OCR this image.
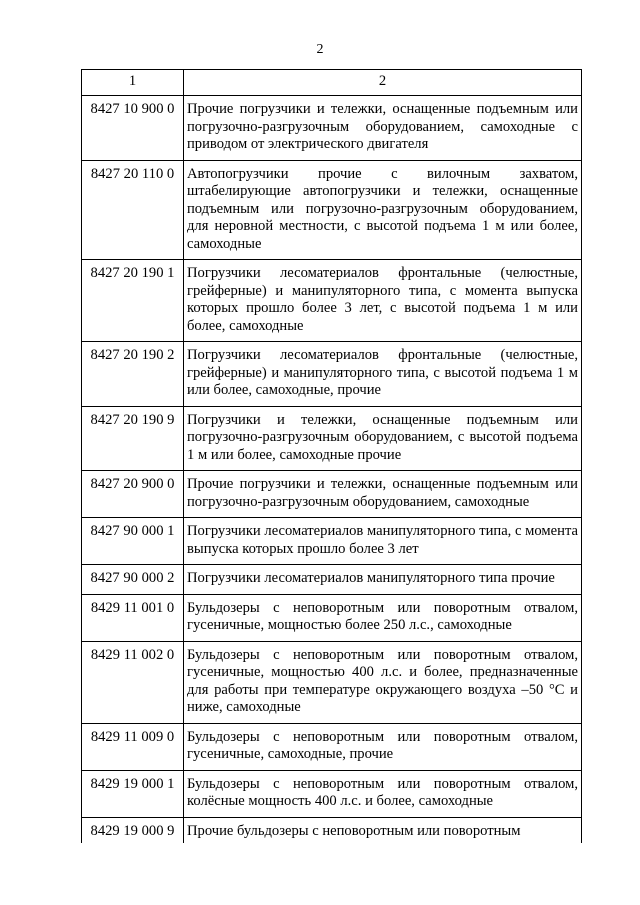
2
1	2
8427 10 900 0	Прочие погрузчики и тележки, оснащенные подъемным или погрузочно-разгрузочным оборудованием, самоходные с приводом от электрического двигателя
8427 20 110 0	Автопогрузчики прочие с вилочным захватом, штабелирующие автопогрузчики и тележки, оснащенные подъемным или погрузочно-разгрузочным оборудованием, для неровной местности, с высотой подъема 1 м или более, самоходные
8427 20 190 1	Погрузчики лесоматериалов фронтальные (челюстные, грейферные) и манипуляторного типа, с момента выпуска которых прошло более 3 лет, с высотой подъема 1 м или более, самоходные
8427 20 190 2	Погрузчики лесоматериалов фронтальные (челюстные, грейферные) и манипуляторного типа, с высотой подъема 1 м или более, самоходные, прочие
8427 20 190 9	Погрузчики и тележки, оснащенные подъемным или погрузочно-разгрузочным оборудованием, с высотой подъема 1 м или более, самоходные прочие
8427 20 900 0	Прочие погрузчики и тележки, оснащенные подъемным или погрузочно-разгрузочным оборудованием, самоходные
8427 90 000 1	Погрузчики лесоматериалов манипуляторного типа, с момента выпуска которых прошло более 3 лет
8427 90 000 2	Погрузчики лесоматериалов манипуляторного типа прочие
8429 11 001 0	Бульдозеры с неповоротным или поворотным отвалом, гусеничные, мощностью более 250 л.с., самоходные
8429 11 002 0	Бульдозеры с неповоротным или поворотным отвалом, гусеничные, мощностью 400 л.с. и более, предназначенные для работы при температуре окружающего воздуха –50 °С и ниже, самоходные
8429 11 009 0	Бульдозеры с неповоротным или поворотным отвалом, гусеничные, самоходные, прочие
8429 19 000 1	Бульдозеры с неповоротным или поворотным отвалом, колёсные мощность 400 л.с. и более, самоходные
8429 19 000 9	Прочие бульдозеры с неповоротным или поворотным
